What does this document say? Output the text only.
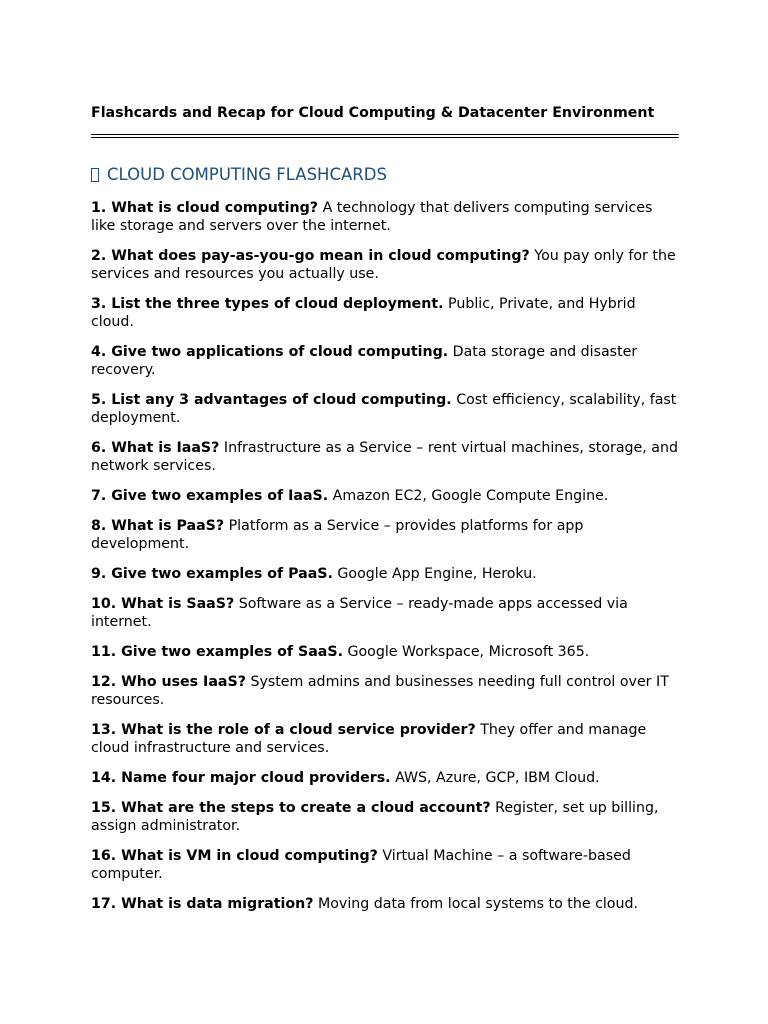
Flashcards and Recap for Cloud Computing & Datacenter Environment
CLOUD COMPUTING FLASHCARDS

1. What is cloud computing? A technology that delivers computing services like storage and servers over the internet.

2. What does pay-as-you-go mean in cloud computing? You pay only for the services and resources you actually use.

3. List the three types of cloud deployment. Public, Private, and Hybrid cloud.

4. Give two applications of cloud computing. Data storage and disaster recovery.

5. List any 3 advantages of cloud computing. Cost efficiency, scalability, fast deployment.

6. What is IaaS? Infrastructure as a Service – rent virtual machines, storage, and network services.

7. Give two examples of IaaS. Amazon EC2, Google Compute Engine.

8. What is PaaS? Platform as a Service – provides platforms for app development.

9. Give two examples of PaaS. Google App Engine, Heroku.

10. What is SaaS? Software as a Service – ready-made apps accessed via internet.

11. Give two examples of SaaS. Google Workspace, Microsoft 365.

12. Who uses IaaS? System admins and businesses needing full control over IT resources.

13. What is the role of a cloud service provider? They offer and manage cloud infrastructure and services.

14. Name four major cloud providers. AWS, Azure, GCP, IBM Cloud.

15. What are the steps to create a cloud account? Register, set up billing, assign administrator.

16. What is VM in cloud computing? Virtual Machine – a software-based computer.

17. What is data migration? Moving data from local systems to the cloud.
